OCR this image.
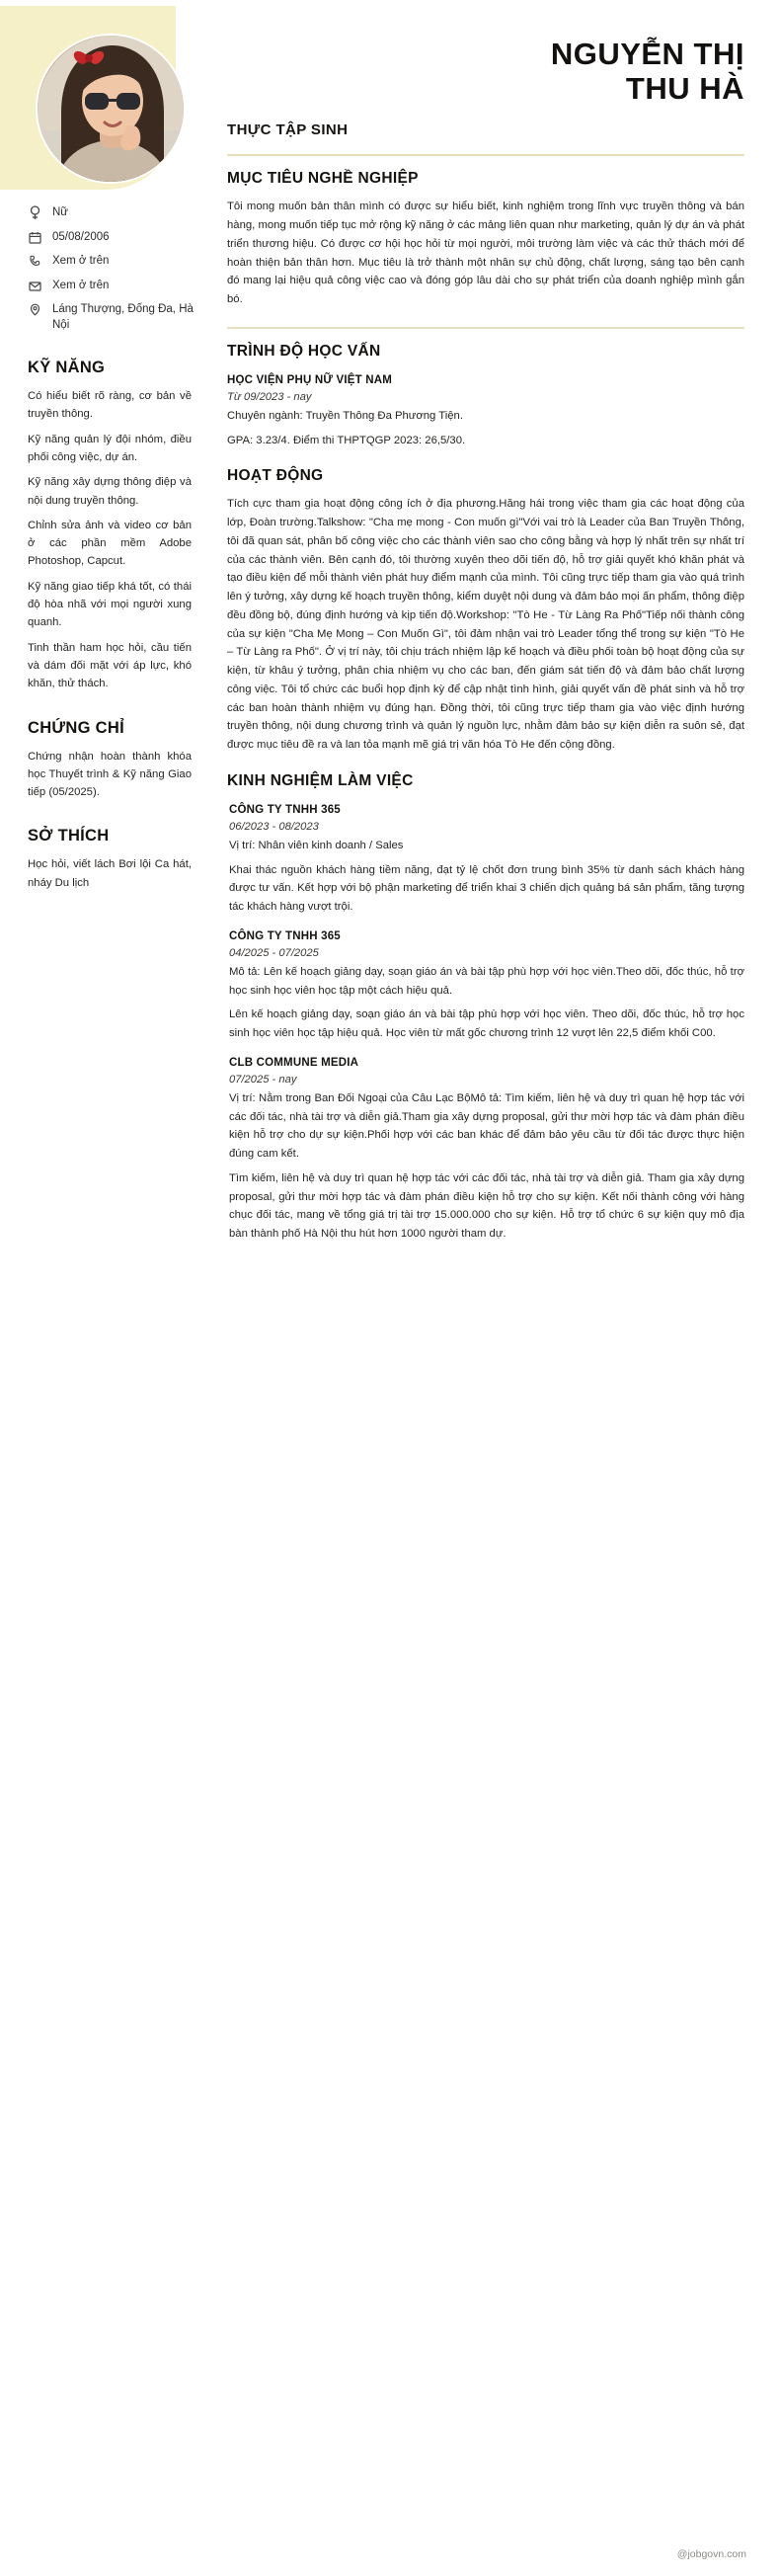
Nữ
05/08/2006
Xem ở trên
Xem ở trên
Láng Thượng, Đống Đa, Hà Nội
KỸ NĂNG

Có hiểu biết rõ ràng, cơ bản về truyền thông.

Kỹ năng quản lý đội nhóm, điều phối công việc, dự án.

Kỹ năng xây dựng thông điệp và nội dung truyền thông.

Chỉnh sửa ảnh và video cơ bản ở các phần mềm Adobe Photoshop, Capcut.

Kỹ năng giao tiếp khá tốt, có thái độ hòa nhã với mọi người xung quanh.

Tinh thần ham học hỏi, cầu tiến và dám đối mặt với áp lực, khó khăn, thử thách.

CHỨNG CHỈ

Chứng nhận hoàn thành khóa học Thuyết trình & Kỹ năng Giao tiếp (05/2025).

SỞ THÍCH

Học hỏi, viết lách Bơi lội Ca hát, nháy Du lịch

NGUYỄN THỊ
THU HÀ
THỰC TẬP SINH
MỤC TIÊU NGHỀ NGHIỆP

Tôi mong muốn bản thân mình có được sự hiểu biết, kinh nghiệm trong lĩnh vực truyền thông và bán hàng, mong muốn tiếp tục mở rộng kỹ năng ở các mảng liên quan như marketing, quản lý dự án và phát triển thương hiệu. Có được cơ hội học hỏi từ mọi người, môi trường làm việc và các thử thách mới để hoàn thiện bản thân hơn. Mục tiêu là trở thành một nhân sự chủ động, chất lượng, sáng tạo bên cạnh đó mang lại hiệu quả công việc cao và đóng góp lâu dài cho sự phát triển của doanh nghiệp mình gắn bó.

TRÌNH ĐỘ HỌC VẤN
HỌC VIỆN PHỤ NỮ VIỆT NAM

Từ 09/2023 - nay

Chuyên ngành: Truyền Thông Đa Phương Tiện.

GPA: 3.23/4. Điểm thi THPTQGP 2023: 26,5/30.

HOẠT ĐỘNG

Tích cực tham gia hoạt động công ích ở địa phương.Hăng hái trong việc tham gia các hoạt động của lớp, Đoàn trường.Talkshow: "Cha mẹ mong - Con muốn gì"Với vai trò là Leader của Ban Truyền Thông, tôi đã quan sát, phân bố công việc cho các thành viên sao cho công bằng và hợp lý nhất trên sự nhất trí của các thành viên. Bên cạnh đó, tôi thường xuyên theo dõi tiến độ, hỗ trợ giải quyết khó khăn phát và tạo điều kiện để mỗi thành viên phát huy điểm mạnh của mình. Tôi cũng trực tiếp tham gia vào quá trình lên ý tưởng, xây dựng kế hoạch truyền thông, kiểm duyệt nội dung và đảm bảo mọi ấn phẩm, thông điệp đều đồng bộ, đúng định hướng và kịp tiến độ.Workshop: "Tò He - Từ Làng Ra Phố"Tiếp nối thành công của sự kiện "Cha Mẹ Mong – Con Muốn Gì", tôi đảm nhận vai trò Leader tổng thể trong sự kiện "Tò He – Từ Làng ra Phố". Ở vị trí này, tôi chịu trách nhiệm lập kế hoạch và điều phối toàn bộ hoạt động của sự kiện, từ khâu ý tưởng, phân chia nhiệm vụ cho các ban, đến giám sát tiến độ và đảm bảo chất lượng công việc. Tôi tổ chức các buổi họp định kỳ để cập nhật tình hình, giải quyết vấn đề phát sinh và hỗ trợ các ban hoàn thành nhiệm vụ đúng hạn. Đồng thời, tôi cũng trực tiếp tham gia vào việc định hướng truyền thông, nội dung chương trình và quản lý nguồn lực, nhằm đảm bảo sự kiện diễn ra suôn sẻ, đạt được mục tiêu đề ra và lan tỏa mạnh mẽ giá trị văn hóa Tò He đến cộng đồng.

KINH NGHIỆM LÀM VIỆC
CÔNG TY TNHH 365

06/2023 - 08/2023

Vị trí: Nhân viên kinh doanh / Sales

Khai thác nguồn khách hàng tiềm năng, đạt tỷ lệ chốt đơn trung bình 35% từ danh sách khách hàng được tư vấn. Kết hợp với bộ phận marketing để triển khai 3 chiến dịch quảng bá sản phẩm, tăng tượng tác khách hàng vượt trội.

CÔNG TY TNHH 365

04/2025 - 07/2025

Mô tả: Lên kế hoạch giảng dạy, soạn giáo án và bài tập phù hợp với học viên.Theo dõi, đốc thúc, hỗ trợ học sinh học viên học tập một cách hiệu quả.

Lên kế hoạch giảng dạy, soạn giáo án và bài tập phù hợp với học viên. Theo dõi, đốc thúc, hỗ trợ học sinh học viên học tập hiệu quả. Học viên từ mất gốc chương trình 12 vượt lên 22,5 điểm khối C00.

CLB COMMUNE MEDIA

07/2025 - nay

Vị trí: Nằm trong Ban Đối Ngoại của Câu Lạc BộMô tả: Tìm kiếm, liên hệ và duy trì quan hệ hợp tác với các đối tác, nhà tài trợ và diễn giả.Tham gia xây dựng proposal, gửi thư mời hợp tác và đàm phán điều kiện hỗ trợ cho dự sự kiện.Phối hợp với các ban khác để đảm bảo yêu cầu từ đối tác được thực hiện đúng cam kết.

Tìm kiếm, liên hệ và duy trì quan hệ hợp tác với các đối tác, nhà tài trợ và diễn giả. Tham gia xây dựng proposal, gửi thư mời hợp tác và đàm phán điều kiện hỗ trợ cho sự kiện. Kết nối thành công với hàng chục đối tác, mang về tổng giá trị tài trợ 15.000.000 cho sự kiện. Hỗ trợ tổ chức 6 sự kiện quy mô địa bàn thành phố Hà Nội thu hút hơn 1000 người tham dự.

@jobgovn.com
